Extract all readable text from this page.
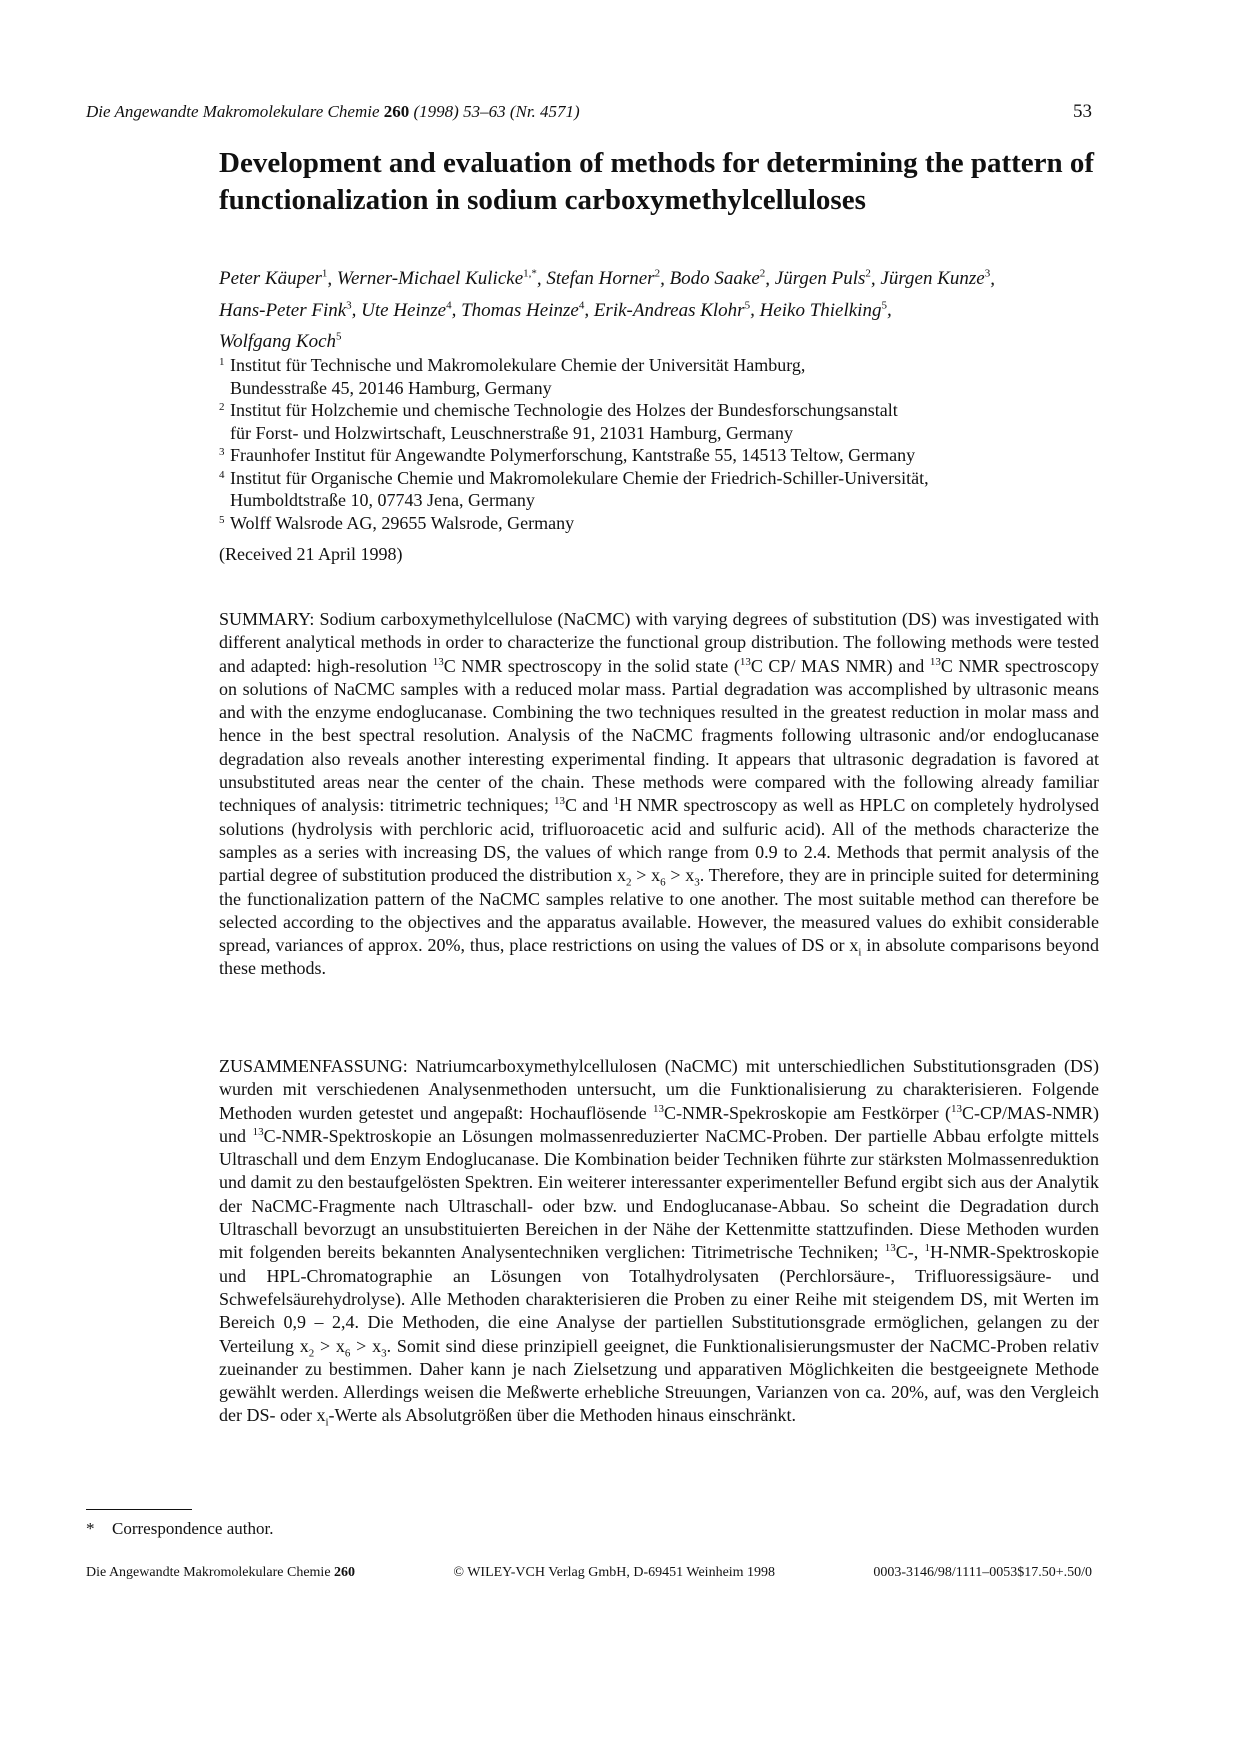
Die Angewandte Makromolekulare Chemie 260 (1998) 53–63 (Nr. 4571)	53
Development and evaluation of methods for determining the pattern of functionalization in sodium carboxymethylcelluloses
Peter Käuper$^1$, Werner-Michael Kulicke$^{1,*}$, Stefan Horner$^2$, Bodo Saake$^2$, Jürgen Puls$^2$, Jürgen Kunze$^3$,
Hans-Peter Fink$^3$, Ute Heinze$^4$, Thomas Heinze$^4$, Erik-Andreas Klohr$^5$, Heiko Thielking$^5$,
Wolfgang Koch$^5$
1 Institut für Technische und Makromolekulare Chemie der Universität Hamburg,
Bundesstraße 45, 20146 Hamburg, Germany
2 Institut für Holzchemie und chemische Technologie des Holzes der Bundesforschungsanstalt
für Forst- und Holzwirtschaft, Leuschnerstraße 91, 21031 Hamburg, Germany
3 Fraunhofer Institut für Angewandte Polymerforschung, Kantstraße 55, 14513 Teltow, Germany
4 Institut für Organische Chemie und Makromolekulare Chemie der Friedrich-Schiller-Universität,
Humboldtstraße 10, 07743 Jena, Germany
5 Wolff Walsrode AG, 29655 Walsrode, Germany
(Received 21 April 1998)

SUMMARY: Sodium carboxymethylcellulose (NaCMC) with varying degrees of substitution (DS) was investigated with different analytical methods in order to characterize the functional group distribution. The following methods were tested and adapted: high-resolution $^{13}$C NMR spectroscopy in the solid state ($^{13}$C CP/ MAS NMR) and $^{13}$C NMR spectroscopy on solutions of NaCMC samples with a reduced molar mass. Partial degradation was accomplished by ultrasonic means and with the enzyme endoglucanase. Combining the two techniques resulted in the greatest reduction in molar mass and hence in the best spectral resolution. Analysis of the NaCMC fragments following ultrasonic and/or endoglucanase degradation also reveals another interesting experimental finding. It appears that ultrasonic degradation is favored at unsubstituted areas near the center of the chain. These methods were compared with the following already familiar techniques of analysis: titrimetric techniques; $^{13}$C and $^1$H NMR spectroscopy as well as HPLC on completely hydrolysed solutions (hydrolysis with perchloric acid, trifluoroacetic acid and sulfuric acid). All of the methods characterize the samples as a series with increasing DS, the values of which range from 0.9 to 2.4. Methods that permit analysis of the partial degree of substitution produced the distribution $x_2 > x_6 > x_3$. Therefore, they are in principle suited for determining the functionalization pattern of the NaCMC samples relative to one another. The most suitable method can therefore be selected according to the objectives and the apparatus available. However, the measured values do exhibit considerable spread, variances of approx. 20%, thus, place restrictions on using the values of DS or $x_i$ in absolute comparisons beyond these methods.

ZUSAMMENFASSUNG: Natriumcarboxymethylcellulosen (NaCMC) mit unterschiedlichen Substitutionsgraden (DS) wurden mit verschiedenen Analysenmethoden untersucht, um die Funktionalisierung zu charakterisieren. Folgende Methoden wurden getestet und angepaßt: Hochauflösende $^{13}$C-NMR-Spekroskopie am Festkörper ($^{13}$C-CP/MAS-NMR) und $^{13}$C-NMR-Spektroskopie an Lösungen molmassenreduzierter NaCMC-Proben. Der partielle Abbau erfolgte mittels Ultraschall und dem Enzym Endoglucanase. Die Kombination beider Techniken führte zur stärksten Molmassenreduktion und damit zu den bestaufgelösten Spektren. Ein weiterer interessanter experimenteller Befund ergibt sich aus der Analytik der NaCMC-Fragmente nach Ultraschall- oder bzw. und Endoglucanase-Abbau. So scheint die Degradation durch Ultraschall bevorzugt an unsubstituierten Bereichen in der Nähe der Kettenmitte stattzufinden. Diese Methoden wurden mit folgenden bereits bekannten Analysentechniken verglichen: Titrimetrische Techniken; $^{13}$C-, $^1$H-NMR-Spektroskopie und HPL-Chromatographie an Lösungen von Totalhydrolysaten (Perchlorsäure-, Trifluoressigsäure- und Schwefelsäurehydrolyse). Alle Methoden charakterisieren die Proben zu einer Reihe mit steigendem DS, mit Werten im Bereich 0,9 – 2,4. Die Methoden, die eine Analyse der partiellen Substitutionsgrade ermöglichen, gelangen zu der Verteilung $x_2 > x_6 > x_3$. Somit sind diese prinzipiell geeignet, die Funktionalisierungsmuster der NaCMC-Proben relativ zueinander zu bestimmen. Daher kann je nach Zielsetzung und apparativen Möglichkeiten die bestgeeignete Methode gewählt werden. Allerdings weisen die Meßwerte erhebliche Streuungen, Varianzen von ca. 20%, auf, was den Vergleich der DS- oder $x_i$-Werte als Absolutgrößen über die Methoden hinaus einschränkt.

* Correspondence author.
Die Angewandte Makromolekulare Chemie 260	© WILEY-VCH Verlag GmbH, D-69451 Weinheim 1998	0003-3146/98/1111–0053$17.50+.50/0
